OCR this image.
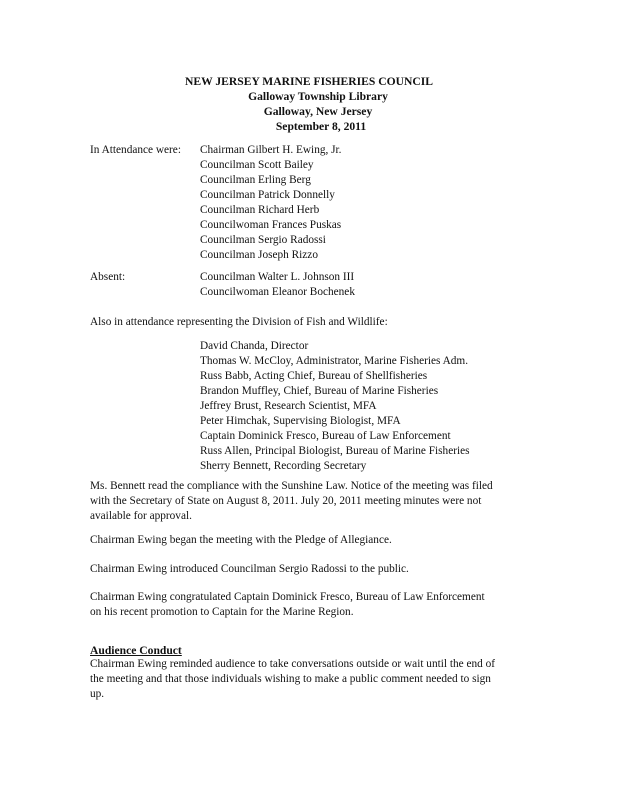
NEW JERSEY MARINE FISHERIES COUNCIL
Galloway Township Library
Galloway, New Jersey
September 8, 2011
In Attendance were: Chairman Gilbert H. Ewing, Jr.
Councilman Scott Bailey
Councilman Erling Berg
Councilman Patrick Donnelly
Councilman Richard Herb
Councilwoman Frances Puskas
Councilman Sergio Radossi
Councilman Joseph Rizzo
Absent:	Councilman Walter L. Johnson III
Councilwoman Eleanor Bochenek
Also in attendance representing the Division of Fish and Wildlife:
David Chanda, Director
Thomas W. McCloy, Administrator, Marine Fisheries Adm.
Russ Babb, Acting Chief, Bureau of Shellfisheries
Brandon Muffley, Chief, Bureau of Marine Fisheries
Jeffrey Brust, Research Scientist, MFA
Peter Himchak, Supervising Biologist, MFA
Captain Dominick Fresco, Bureau of Law Enforcement
Russ Allen, Principal Biologist, Bureau of Marine Fisheries
Sherry Bennett, Recording Secretary
Ms. Bennett read the compliance with the Sunshine Law. Notice of the meeting was filed
with the Secretary of State on August 8, 2011. July 20, 2011 meeting minutes were not
available for approval.
Chairman Ewing began the meeting with the Pledge of Allegiance.
Chairman Ewing introduced Councilman Sergio Radossi to the public.
Chairman Ewing congratulated Captain Dominick Fresco, Bureau of Law Enforcement
on his recent promotion to Captain for the Marine Region.
Audience Conduct
Chairman Ewing reminded audience to take conversations outside or wait until the end of
the meeting and that those individuals wishing to make a public comment needed to sign
up.
